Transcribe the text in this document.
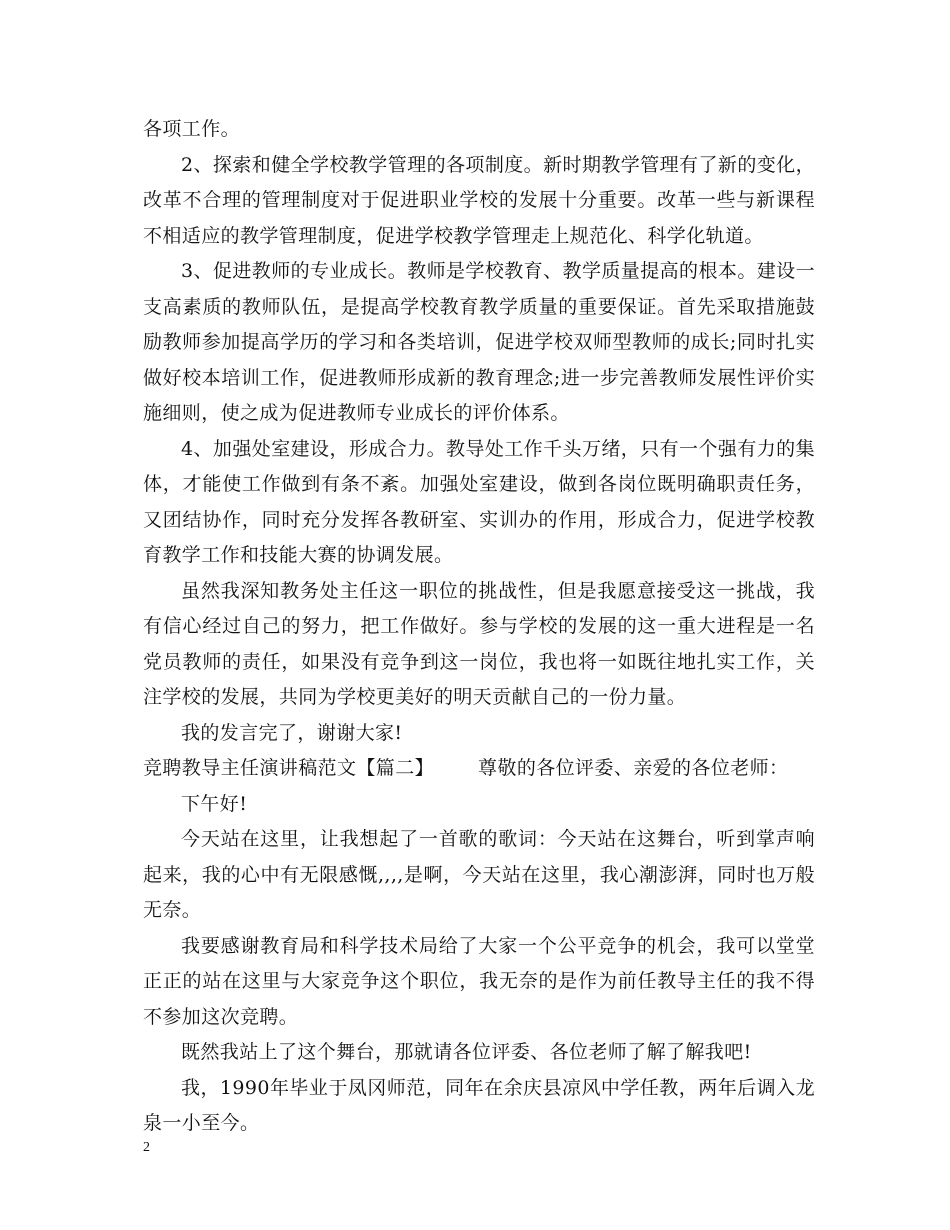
各项工作。

2、探索和健全学校教学管理的各项制度。新时期教学管理有了新的变化，改革不合理的管理制度对于促进职业学校的发展十分重要。改革一些与新课程不相适应的教学管理制度，促进学校教学管理走上规范化、科学化轨道。

3、促进教师的专业成长。教师是学校教育、教学质量提高的根本。建设一支高素质的教师队伍，是提高学校教育教学质量的重要保证。首先采取措施鼓励教师参加提高学历的学习和各类培训，促进学校双师型教师的成长;同时扎实做好校本培训工作，促进教师形成新的教育理念;进一步完善教师发展性评价实施细则，使之成为促进教师专业成长的评价体系。

4、加强处室建设，形成合力。教导处工作千头万绪，只有一个强有力的集体，才能使工作做到有条不紊。加强处室建设，做到各岗位既明确职责任务，又团结协作，同时充分发挥各教研室、实训办的作用，形成合力，促进学校教育教学工作和技能大赛的协调发展。

虽然我深知教务处主任这一职位的挑战性，但是我愿意接受这一挑战，我有信心经过自己的努力，把工作做好。参与学校的发展的这一重大进程是一名党员教师的责任，如果没有竞争到这一岗位，我也将一如既往地扎实工作，关注学校的发展，共同为学校更美好的明天贡献自己的一份力量。

我的发言完了，谢谢大家!

竞聘教导主任演讲稿范文【篇二】 尊敬的各位评委、亲爱的各位老师：

下午好!

今天站在这里，让我想起了一首歌的歌词：今天站在这舞台，听到掌声响起来，我的心中有无限感慨,,,,是啊，今天站在这里，我心潮澎湃，同时也万般无奈。

我要感谢教育局和科学技术局给了大家一个公平竞争的机会，我可以堂堂正正的站在这里与大家竞争这个职位，我无奈的是作为前任教导主任的我不得不参加这次竞聘。

既然我站上了这个舞台，那就请各位评委、各位老师了解了解我吧!

我，1990年毕业于凤冈师范，同年在余庆县凉风中学任教，两年后调入龙泉一小至今。

2
